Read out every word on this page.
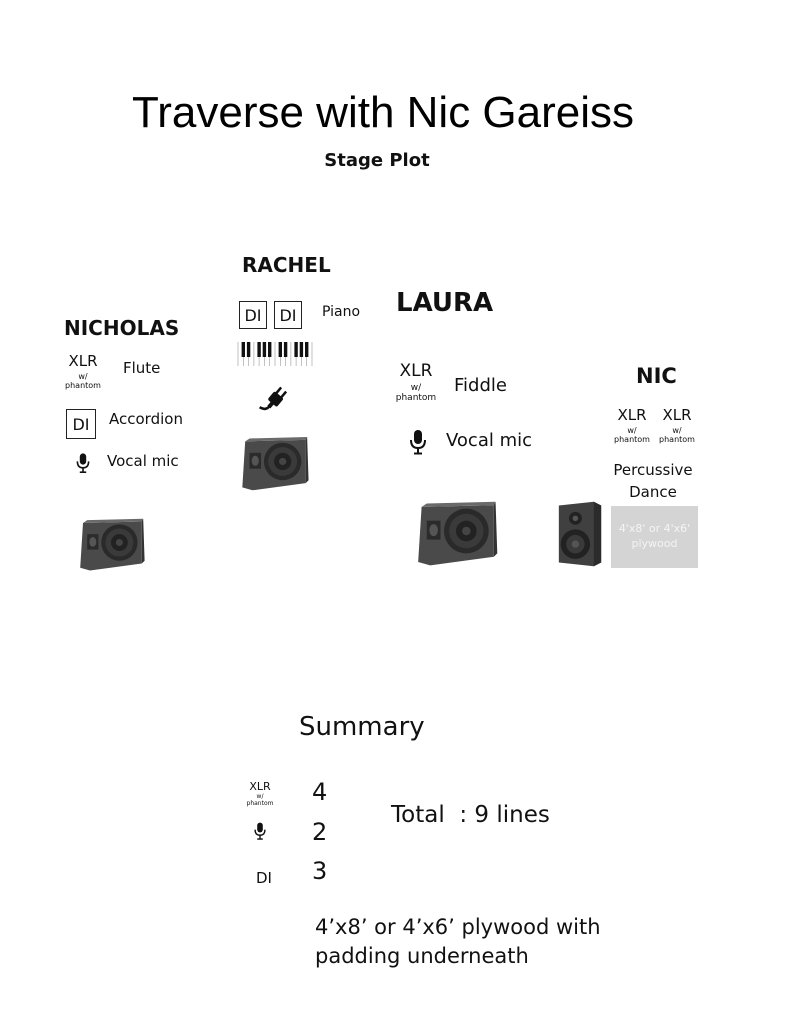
Traverse with Nic Gareiss
Stage Plot
NICHOLAS
XLR
w/
phantom
Flute
DI	Accordion
Vocal mic
RACHEL
DI	DI	Piano LAURA
XLR
w/
phantom
Fiddle
Vocal mic
NIC
XLR
w/
phantom
XLR
w/
phantom
Percussive Dance
4'x8' or 4'x6' plywood
Summary
XLR
w/
phantom 4
2
DI 3
Total  : 9 lines
4’x8’ or 4’x6’ plywood with padding underneath
